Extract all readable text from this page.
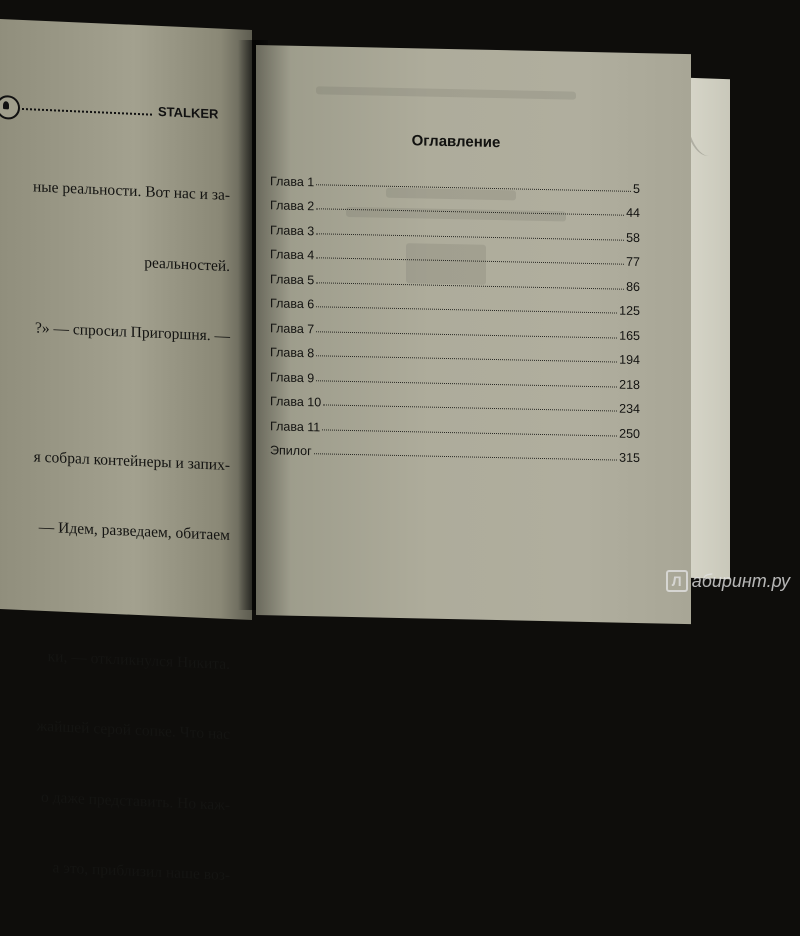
STALKER

ные реальности. Вот нас и за-

реальностей.

?» — спросил Пригоршня. —

я собрал контейнеры и запих-

— Идем, разведаем, обитаем

ки, — откликнулся Никита.

жайшей серой сопке. Что нас

о даже представить. Но каж-

а это, приблизил наше воз-

Оглавление
Глава 1	5
Глава 2	44
Глава 3	58
Глава 4	77
Глава 5	86
Глава 6	125
Глава 7	165
Глава 8	194
Глава 9	218
Глава 10	234
Глава 11	250
Эпилог	315
Л абиринт.ру
